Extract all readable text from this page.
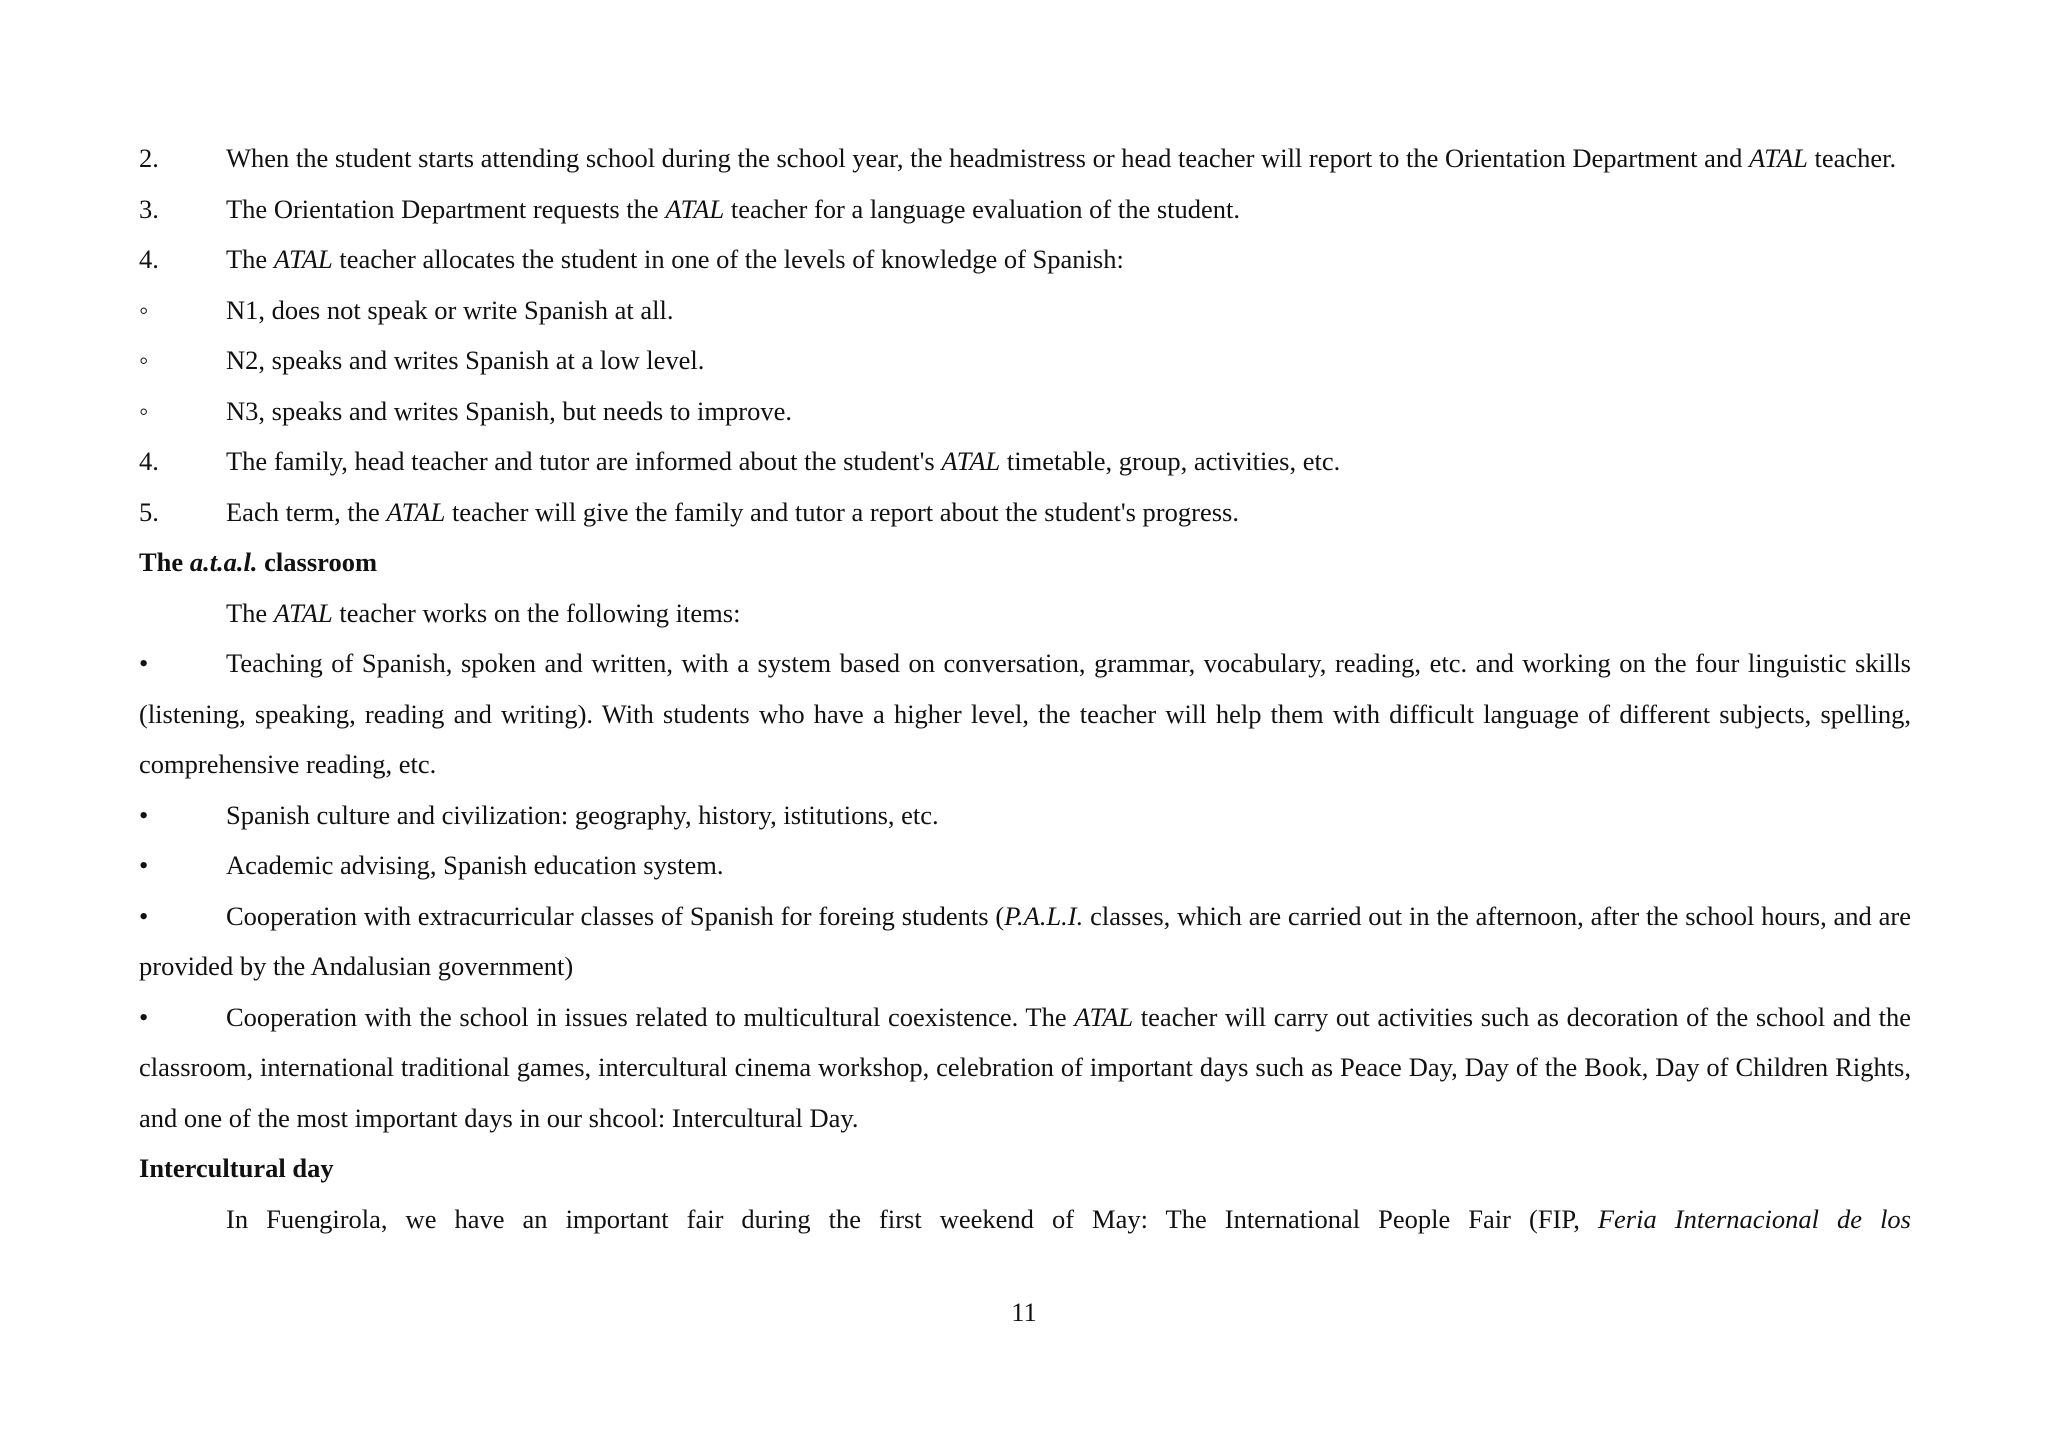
2.	When the student starts attending school during the school year, the headmistress or head teacher will report to the Orientation Department and ATAL teacher.
3.	The Orientation Department requests the ATAL teacher for a language evaluation of the student.
4.	The ATAL teacher allocates the student in one of the levels of knowledge of Spanish:
◦	N1, does not speak or write Spanish at all.
◦	N2, speaks and writes Spanish at a low level.
◦	N3, speaks and writes Spanish, but needs to improve.
4.	The family, head teacher and tutor are informed about the student's ATAL timetable, group, activities, etc.
5.	Each term, the ATAL teacher will give the family and tutor a report about the student's progress.
The a.t.a.l. classroom
The ATAL teacher works on the following items:
•	Teaching of Spanish, spoken and written, with a system based on conversation, grammar, vocabulary, reading, etc. and working on the four linguistic skills (listening, speaking, reading and writing). With students who have a higher level, the teacher will help them with difficult language of different subjects, spelling, comprehensive reading, etc.
•	Spanish culture and civilization: geography, history, istitutions, etc.
•	Academic advising, Spanish education system.
•	Cooperation with extracurricular classes of Spanish for foreing students (P.A.L.I. classes, which are carried out in the afternoon, after the school hours, and are provided by the Andalusian government)
•	Cooperation with the school in issues related to multicultural coexistence. The ATAL teacher will carry out activities such as decoration of the school and the classroom, international traditional games, intercultural cinema workshop, celebration of important days such as Peace Day, Day of the Book, Day of Children Rights, and one of the most important days in our shcool: Intercultural Day.
Intercultural day
In Fuengirola, we have an important fair during the first weekend of May: The International People Fair (FIP, Feria Internacional de los
11
